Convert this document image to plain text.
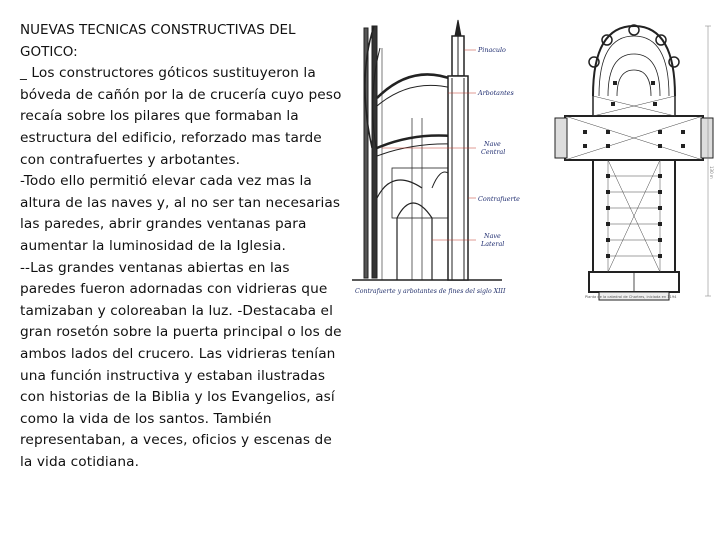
NUEVAS TECNICAS CONSTRUCTIVAS DEL GOTICO:
_ Los constructores góticos sustituyeron la bóveda de cañón por la de crucería cuyo peso recaía sobre los pilares que formaban la estructura del edificio, reforzado mas tarde con contrafuertes y arbotantes.
-Todo ello permitió elevar cada vez mas la altura de las naves y, al no ser tan necesarias las paredes, abrir grandes ventanas para aumentar la luminosidad de la Iglesia.
--Las grandes ventanas abiertas en las paredes fueron adornadas con vidrieras que tamizaban y coloreaban la luz. -Destacaba el gran rosetón sobre la puerta principal o los de ambos lados del crucero. Las vidrieras tenían una función instructiva y estaban ilustradas con historias de la Biblia y los Evangelios, así como la vida de los santos. También representaban, a veces, oficios y escenas de la vida cotidiana.
Pinaculo
Arbotantes
Nave
Central
Contrafuerte
Nave
Lateral
Contrafuerte y arbotantes de fines del siglo XIII
130 m
Planta de la catedral de Chartres, iniciada en 1194
